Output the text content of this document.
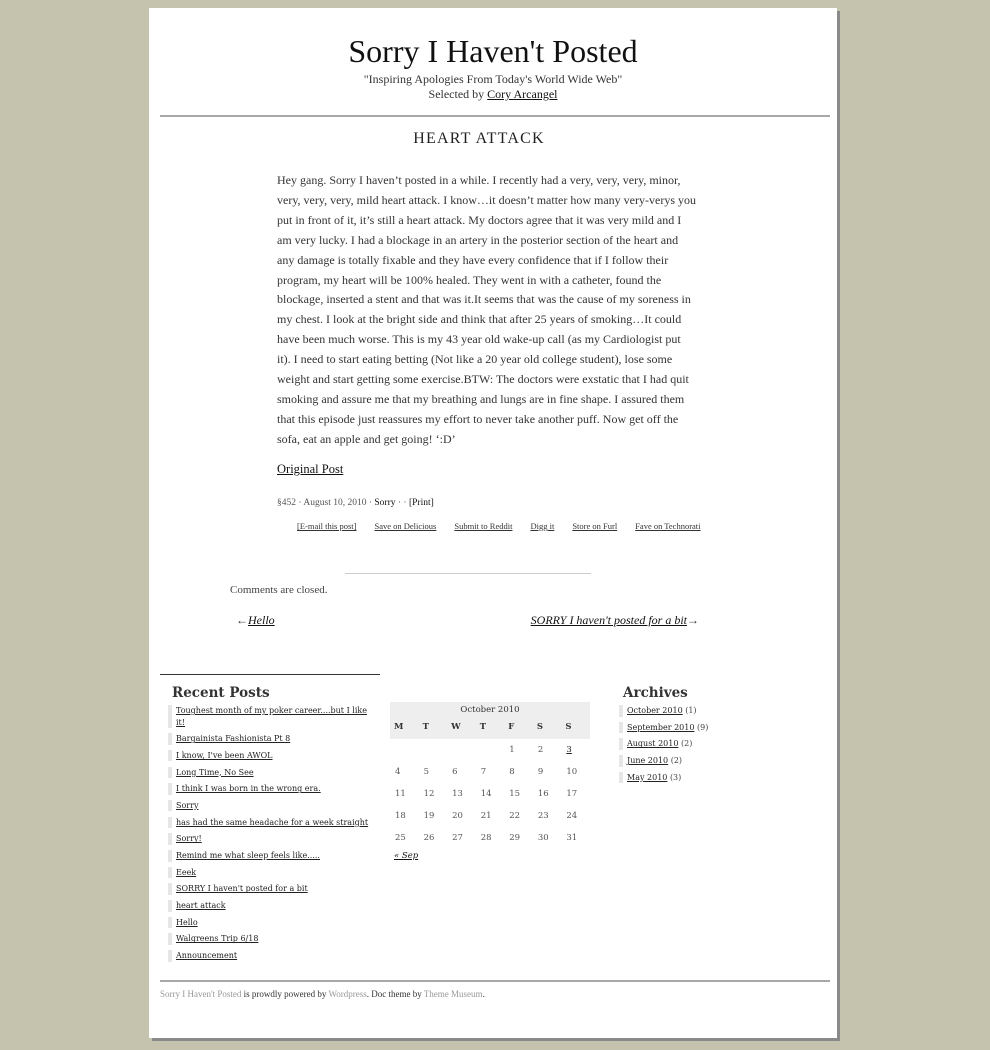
Sorry I Haven't Posted
"Inspiring Apologies From Today's World Wide Web"
Selected by Cory Arcangel
HEART ATTACK
Hey gang. Sorry I haven’t posted in a while. I recently had a very, very, very, minor, very, very, very, mild heart attack. I know…it doesn’t matter how many very-verys you put in front of it, it’s still a heart attack. My doctors agree that it was very mild and I am very lucky. I had a blockage in an artery in the posterior section of the heart and any damage is totally fixable and they have every confidence that if I follow their program, my heart will be 100% healed. They went in with a catheter, found the blockage, inserted a stent and that was it.It seems that was the cause of my soreness in my chest. I look at the bright side and think that after 25 years of smoking…It could have been much worse. This is my 43 year old wake-up call (as my Cardiologist put it). I need to start eating betting (Not like a 20 year old college student), lose some weight and start getting some exercise.BTW: The doctors were exstatic that I had quit smoking and assure me that my breathing and lungs are in fine shape. I assured them that this episode just reassures my effort to never take another puff. Now get off the sofa, eat an apple and get going! ‘:D’
Original Post
§452 · August 10, 2010 · Sorry · · [Print]
[E-mail this post] Save on Delicious Submit to Reddit Digg it Store on Furl Fave on Technorati
Comments are closed.
←Hello	SORRY I haven't posted for a bit→
Recent Posts
Toughest month of my poker career....but I like it!
Bargainista Fashionista Pt 8
I know, I've been AWOL
Long Time, No See
I think I was born in the wrong era.
Sorry
has had the same headache for a week straight
Sorry!
Remind me what sleep feels like.....
Eeek
SORRY I haven't posted for a bit
heart attack
Hello
Walgreens Trip 6/18
Announcement
October 2010
M	T	W	T	F	S	S
				1	2	3
4	5	6	7	8	9	10
11	12	13	14	15	16	17
18	19	20	21	22	23	24
25	26	27	28	29	30	31
« Sep
Archives
October 2010 (1)
September 2010 (9)
August 2010 (2)
June 2010 (2)
May 2010 (3)
Sorry I Haven't Posted is prowdly powered by Wordpress. Doc theme by Theme Museum.
